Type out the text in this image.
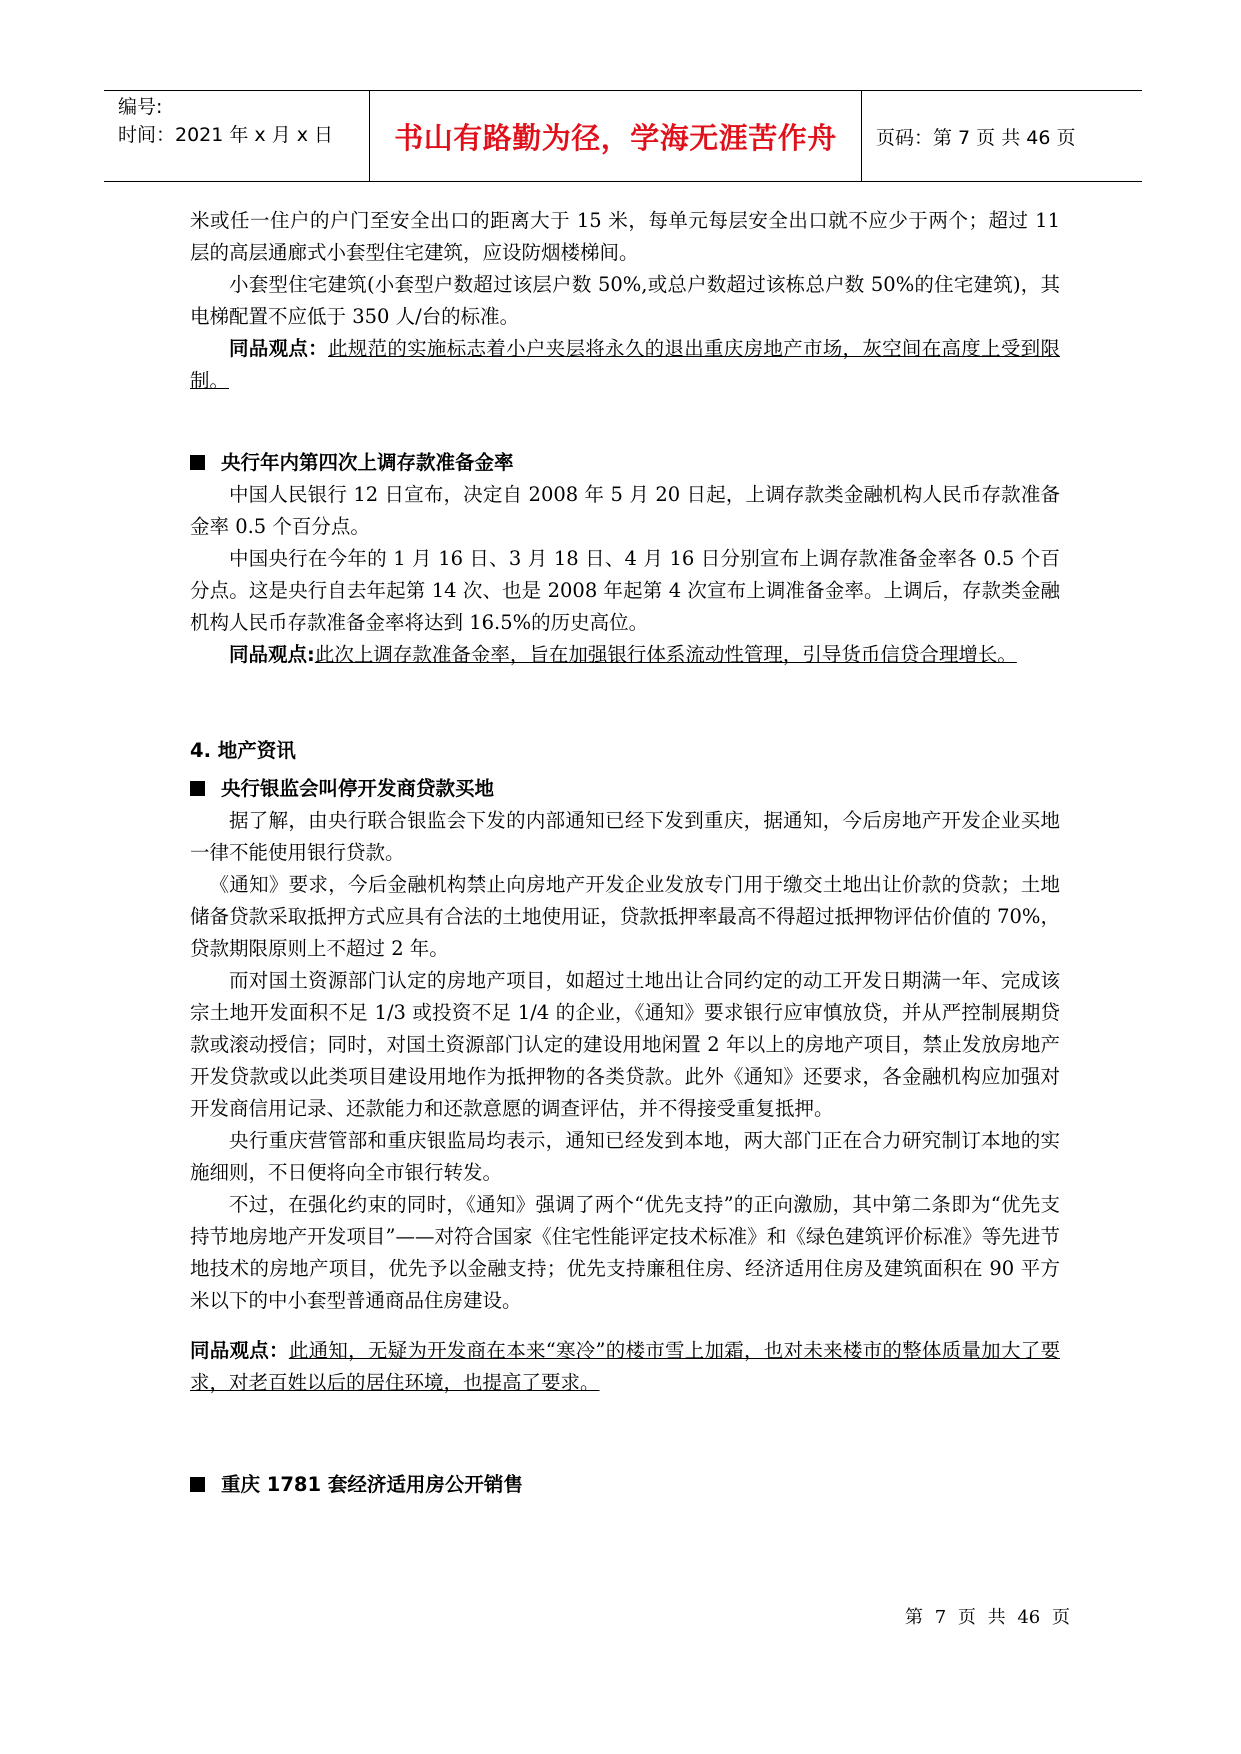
编号:
时间：2021 年 x 月 x 日	书山有路勤为径，学海无涯苦作舟	页码：第 7 页 共 46 页

米或任一住户的户门至安全出口的距离大于 15 米，每单元每层安全出口就不应少于两个；超过 11 层的高层通廊式小套型住宅建筑，应设防烟楼梯间。

小套型住宅建筑(小套型户数超过该层户数 50%,或总户数超过该栋总户数 50%的住宅建筑)，其电梯配置不应低于 350 人/台的标准。

同品观点：此规范的实施标志着小户夹层将永久的退出重庆房地产市场，灰空间在高度上受到限制。

央行年内第四次上调存款准备金率

中国人民银行 12 日宣布，决定自 2008 年 5 月 20 日起，上调存款类金融机构人民币存款准备金率 0.5 个百分点。

中国央行在今年的 1 月 16 日、3 月 18 日、4 月 16 日分别宣布上调存款准备金率各 0.5 个百分点。这是央行自去年起第 14 次、也是 2008 年起第 4 次宣布上调准备金率。上调后，存款类金融机构人民币存款准备金率将达到 16.5%的历史高位。

同品观点:此次上调存款准备金率，旨在加强银行体系流动性管理，引导货币信贷合理增长。

4. 地产资讯

央行银监会叫停开发商贷款买地

据了解，由央行联合银监会下发的内部通知已经下发到重庆，据通知，今后房地产开发企业买地一律不能使用银行贷款。

《通知》要求，今后金融机构禁止向房地产开发企业发放专门用于缴交土地出让价款的贷款；土地储备贷款采取抵押方式应具有合法的土地使用证，贷款抵押率最高不得超过抵押物评估价值的 70%，贷款期限原则上不超过 2 年。

而对国土资源部门认定的房地产项目，如超过土地出让合同约定的动工开发日期满一年、完成该宗土地开发面积不足 1/3 或投资不足 1/4 的企业，《通知》要求银行应审慎放贷，并从严控制展期贷款或滚动授信；同时，对国土资源部门认定的建设用地闲置 2 年以上的房地产项目，禁止发放房地产开发贷款或以此类项目建设用地作为抵押物的各类贷款。此外《通知》还要求，各金融机构应加强对开发商信用记录、还款能力和还款意愿的调查评估，并不得接受重复抵押。

央行重庆营管部和重庆银监局均表示，通知已经发到本地，两大部门正在合力研究制订本地的实施细则，不日便将向全市银行转发。

不过，在强化约束的同时，《通知》强调了两个“优先支持”的正向激励，其中第二条即为“优先支持节地房地产开发项目”——对符合国家《住宅性能评定技术标准》和《绿色建筑评价标准》等先进节地技术的房地产项目，优先予以金融支持；优先支持廉租住房、经济适用住房及建筑面积在 90 平方米以下的中小套型普通商品住房建设。

同品观点：此通知，无疑为开发商在本来“寒冷”的楼市雪上加霜，也对未来楼市的整体质量加大了要求，对老百姓以后的居住环境，也提高了要求。

重庆 1781 套经济适用房公开销售

第 7 页 共 46 页
